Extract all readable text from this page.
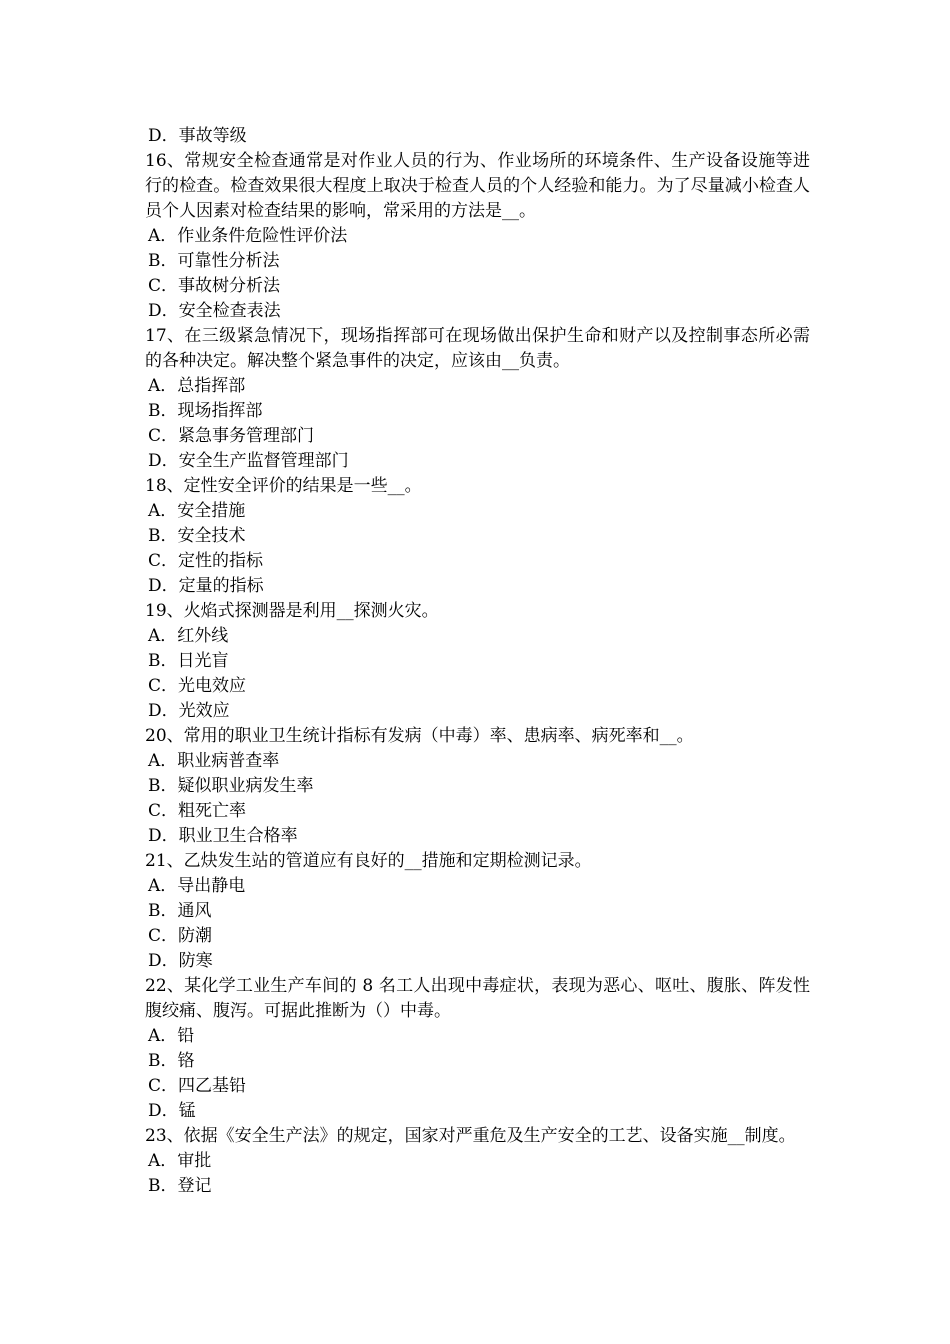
D．事故等级

16、常规安全检查通常是对作业人员的行为、作业场所的环境条件、生产设备设施等进行的检查。检查效果很大程度上取决于检查人员的个人经验和能力。为了尽量减小检查人员个人因素对检查结果的影响，常采用的方法是__。

A．作业条件危险性评价法

B．可靠性分析法

C．事故树分析法

D．安全检查表法

17、在三级紧急情况下，现场指挥部可在现场做出保护生命和财产以及控制事态所必需的各种决定。解决整个紧急事件的决定，应该由__负责。

A．总指挥部

B．现场指挥部

C．紧急事务管理部门

D．安全生产监督管理部门

18、定性安全评价的结果是一些__。

A．安全措施

B．安全技术

C．定性的指标

D．定量的指标

19、火焰式探测器是利用__探测火灾。

A．红外线

B．日光盲

C．光电效应

D．光效应

20、常用的职业卫生统计指标有发病（中毒）率、患病率、病死率和__。

A．职业病普查率

B．疑似职业病发生率

C．粗死亡率

D．职业卫生合格率

21、乙炔发生站的管道应有良好的__措施和定期检测记录。

A．导出静电

B．通风

C．防潮

D．防寒

22、某化学工业生产车间的 8 名工人出现中毒症状，表现为恶心、呕吐、腹胀、阵发性腹绞痛、腹泻。可据此推断为（）中毒。

A．铅

B．铬

C．四乙基铅

D．锰

23、依据《安全生产法》的规定，国家对严重危及生产安全的工艺、设备实施__制度。

A．审批

B．登记
